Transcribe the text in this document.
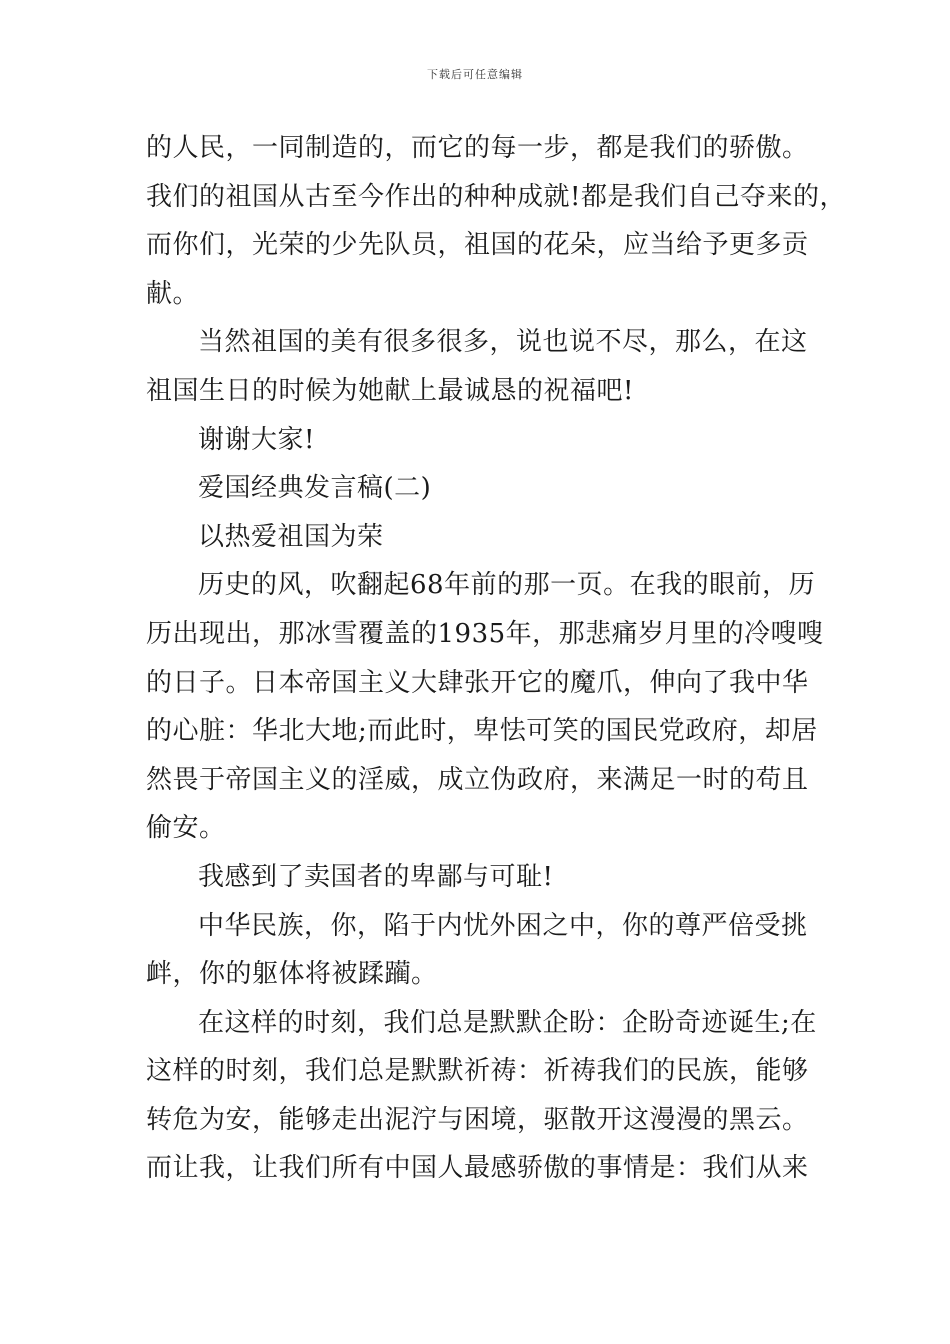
下载后可任意编辑
的人民，一同制造的，而它的每一步，都是我们的骄傲。
我们的祖国从古至今作出的种种成就!都是我们自己夺来的，
而你们，光荣的少先队员，祖国的花朵，应当给予更多贡
献。
当然祖国的美有很多很多，说也说不尽，那么，在这
祖国生日的时候为她献上最诚恳的祝福吧!
谢谢大家!
爱国经典发言稿(二)
以热爱祖国为荣
历史的风，吹翻起68年前的那一页。在我的眼前，历
历出现出，那冰雪覆盖的1935年，那悲痛岁月里的冷嗖嗖
的日子。日本帝国主义大肆张开它的魔爪，伸向了我中华
的心脏：华北大地;而此时，卑怯可笑的国民党政府，却居
然畏于帝国主义的淫威，成立伪政府，来满足一时的苟且
偷安。
我感到了卖国者的卑鄙与可耻!
中华民族，你，陷于内忧外困之中，你的尊严倍受挑
衅，你的躯体将被蹂躏。
在这样的时刻，我们总是默默企盼：企盼奇迹诞生;在
这样的时刻，我们总是默默祈祷：祈祷我们的民族，能够
转危为安，能够走出泥泞与困境，驱散开这漫漫的黑云。
而让我，让我们所有中国人最感骄傲的事情是：我们从来
